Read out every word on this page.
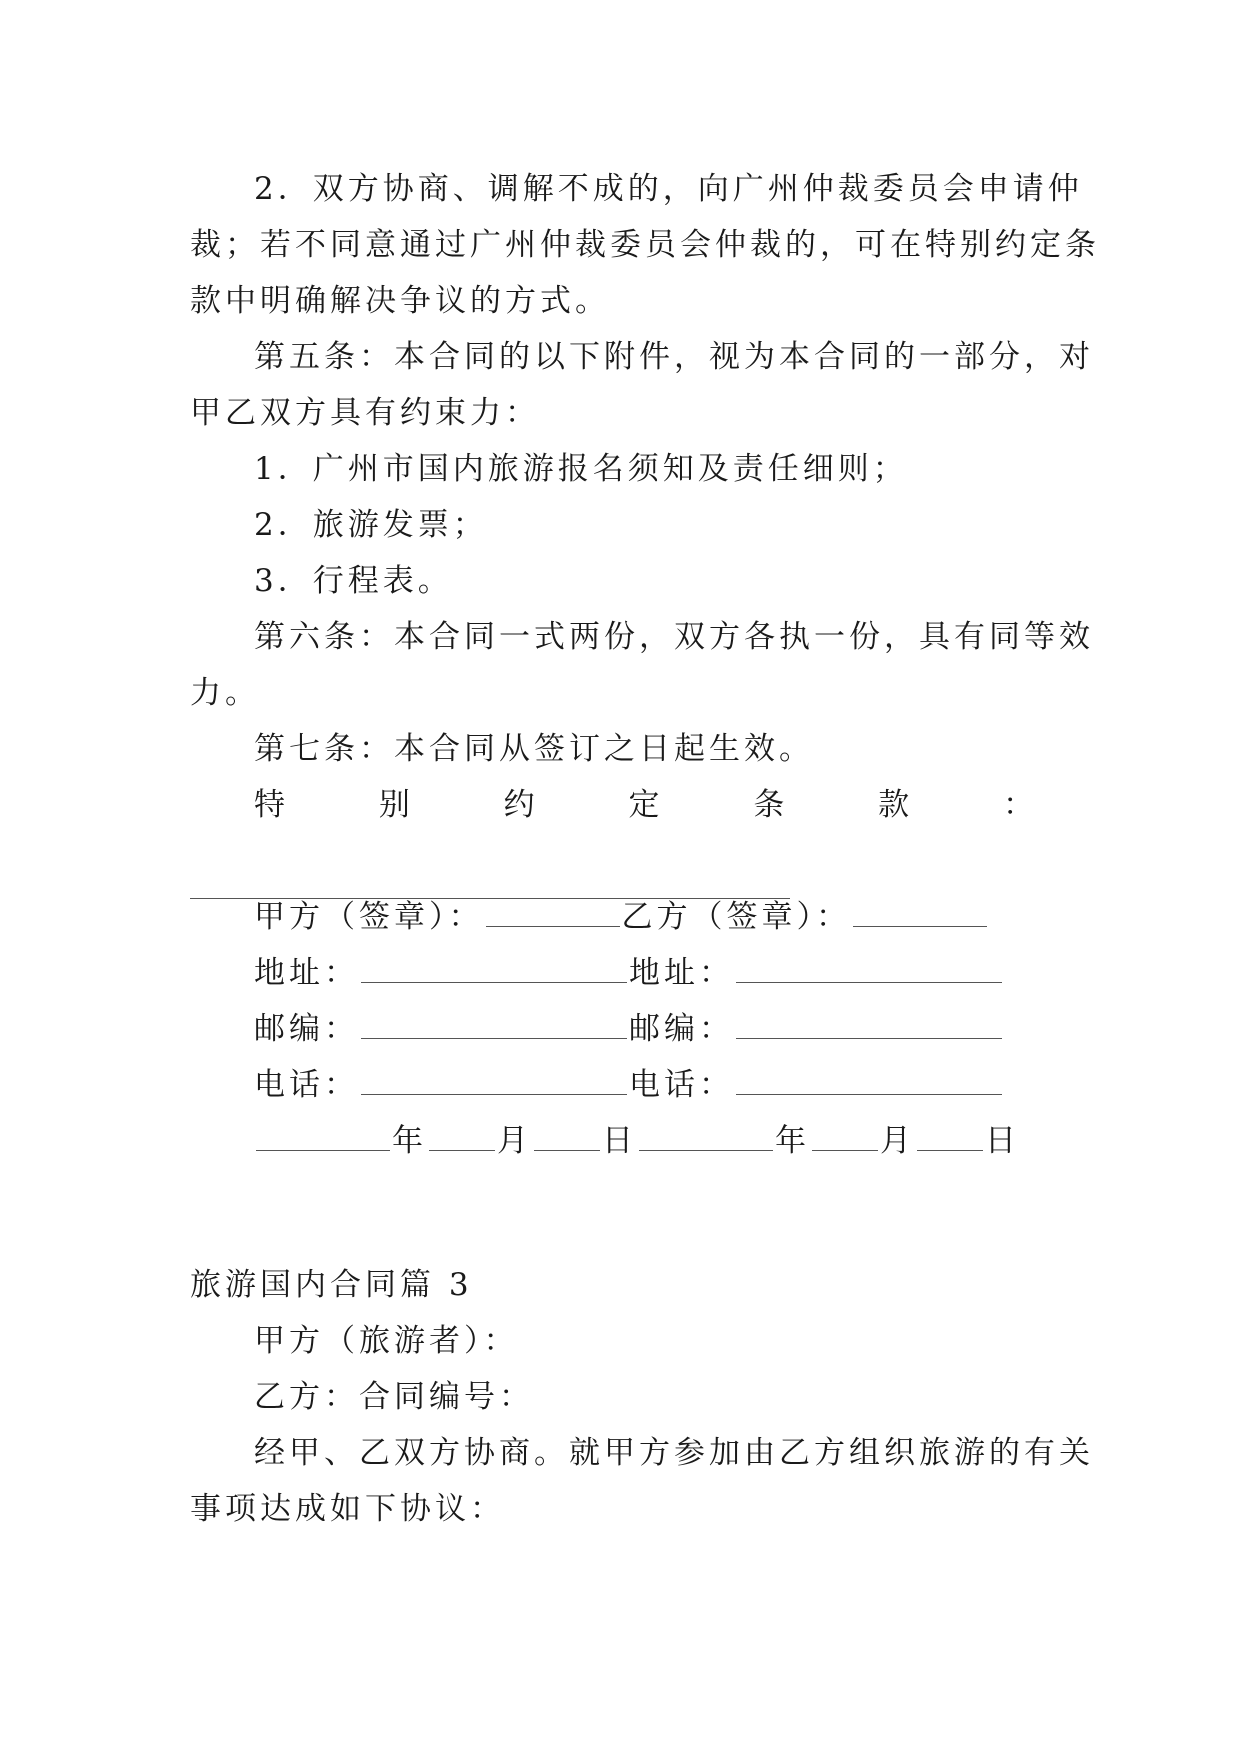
2．双方协商、调解不成的，向广州仲裁委员会申请仲
裁；若不同意通过广州仲裁委员会仲裁的，可在特别约定条
款中明确解决争议的方式。
第五条：本合同的以下附件，视为本合同的一部分，对
甲乙双方具有约束力：
1．广州市国内旅游报名须知及责任细则；
2．旅游发票；
3．行程表。
第六条：本合同一式两份，双方各执一份，具有同等效
力。
第七条：本合同从签订之日起生效。
特	别	约	定	条	款	：
甲方（签章）：	乙方（签章）：
地址：	地址：
邮编：	邮编：
电话：	电话：
年 月 日	年 月 日
旅游国内合同篇 3
甲方（旅游者）：
乙方：合同编号：
经甲、乙双方协商。就甲方参加由乙方组织旅游的有关
事项达成如下协议：
